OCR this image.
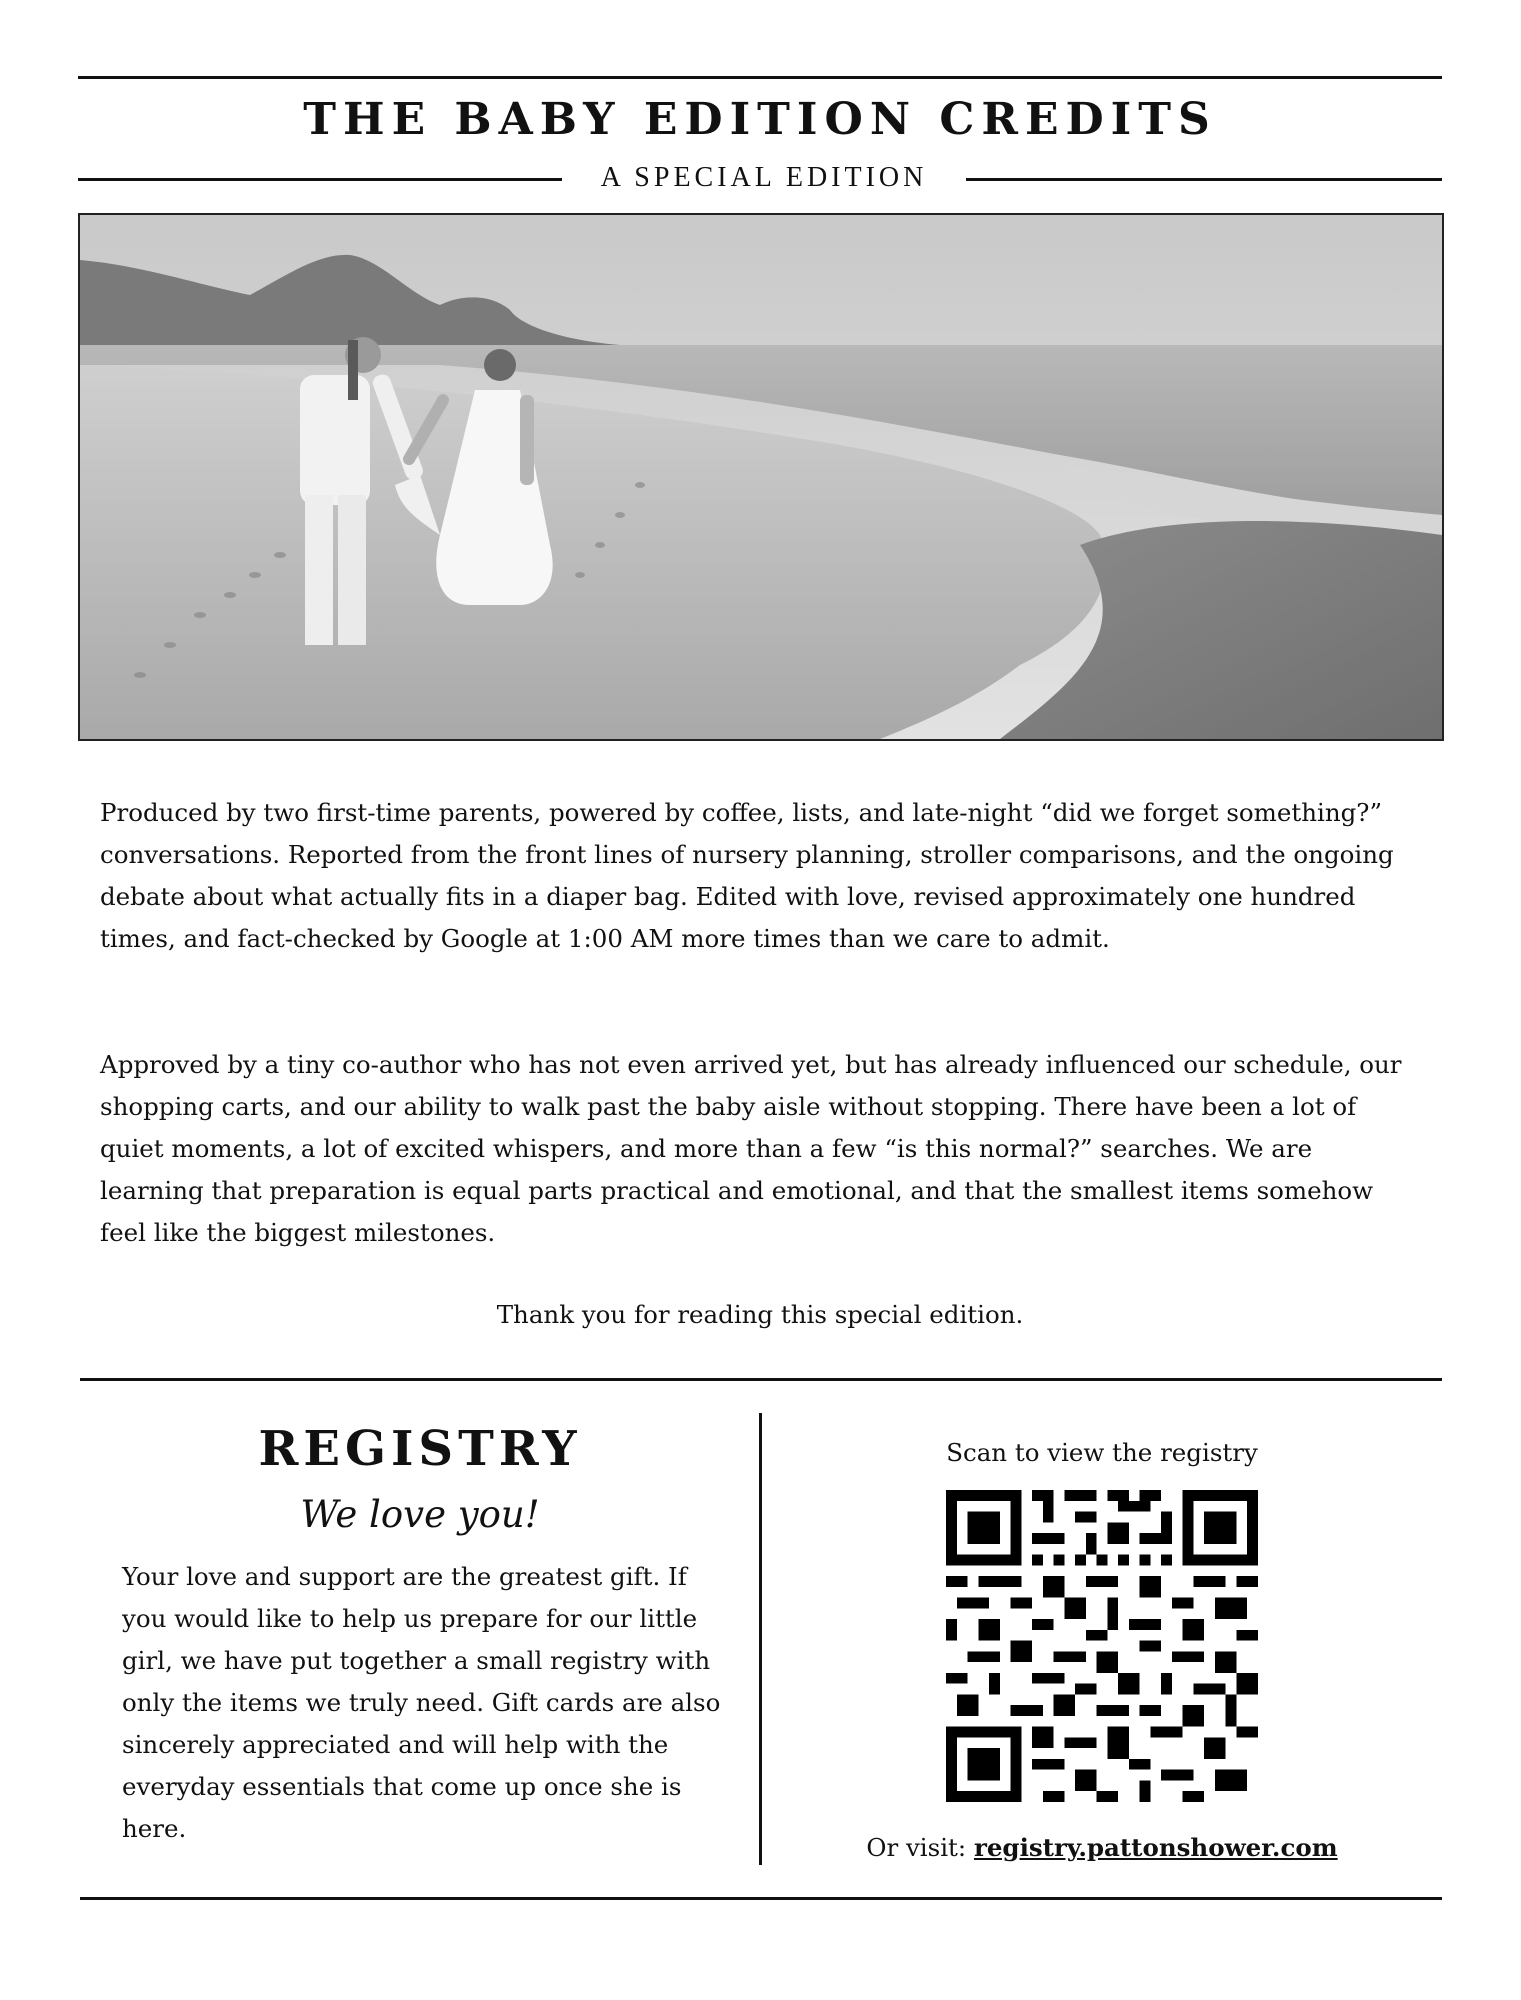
THE BABY EDITION CREDITS
A SPECIAL EDITION

Produced by two first-time parents, powered by coffee, lists, and late-night “did we forget something?” conversations. Reported from the front lines of nursery planning, stroller comparisons, and the ongoing debate about what actually fits in a diaper bag. Edited with love, revised approximately one hundred times, and fact-checked by Google at 1:00 AM more times than we care to admit.

Approved by a tiny co-author who has not even arrived yet, but has already influenced our schedule, our shopping carts, and our ability to walk past the baby aisle without stopping. There have been a lot of quiet moments, a lot of excited whispers, and more than a few “is this normal?” searches. We are learning that preparation is equal parts practical and emotional, and that the smallest items somehow feel like the biggest milestones.

Thank you for reading this special edition.
REGISTRY
We love you!

Your love and support are the greatest gift. If you would like to help us prepare for our little girl, we have put together a small registry with only the items we truly need. Gift cards are also sincerely appreciated and will help with the everyday essentials that come up once she is here.

Scan to view the registry
Or visit: registry.pattonshower.com
